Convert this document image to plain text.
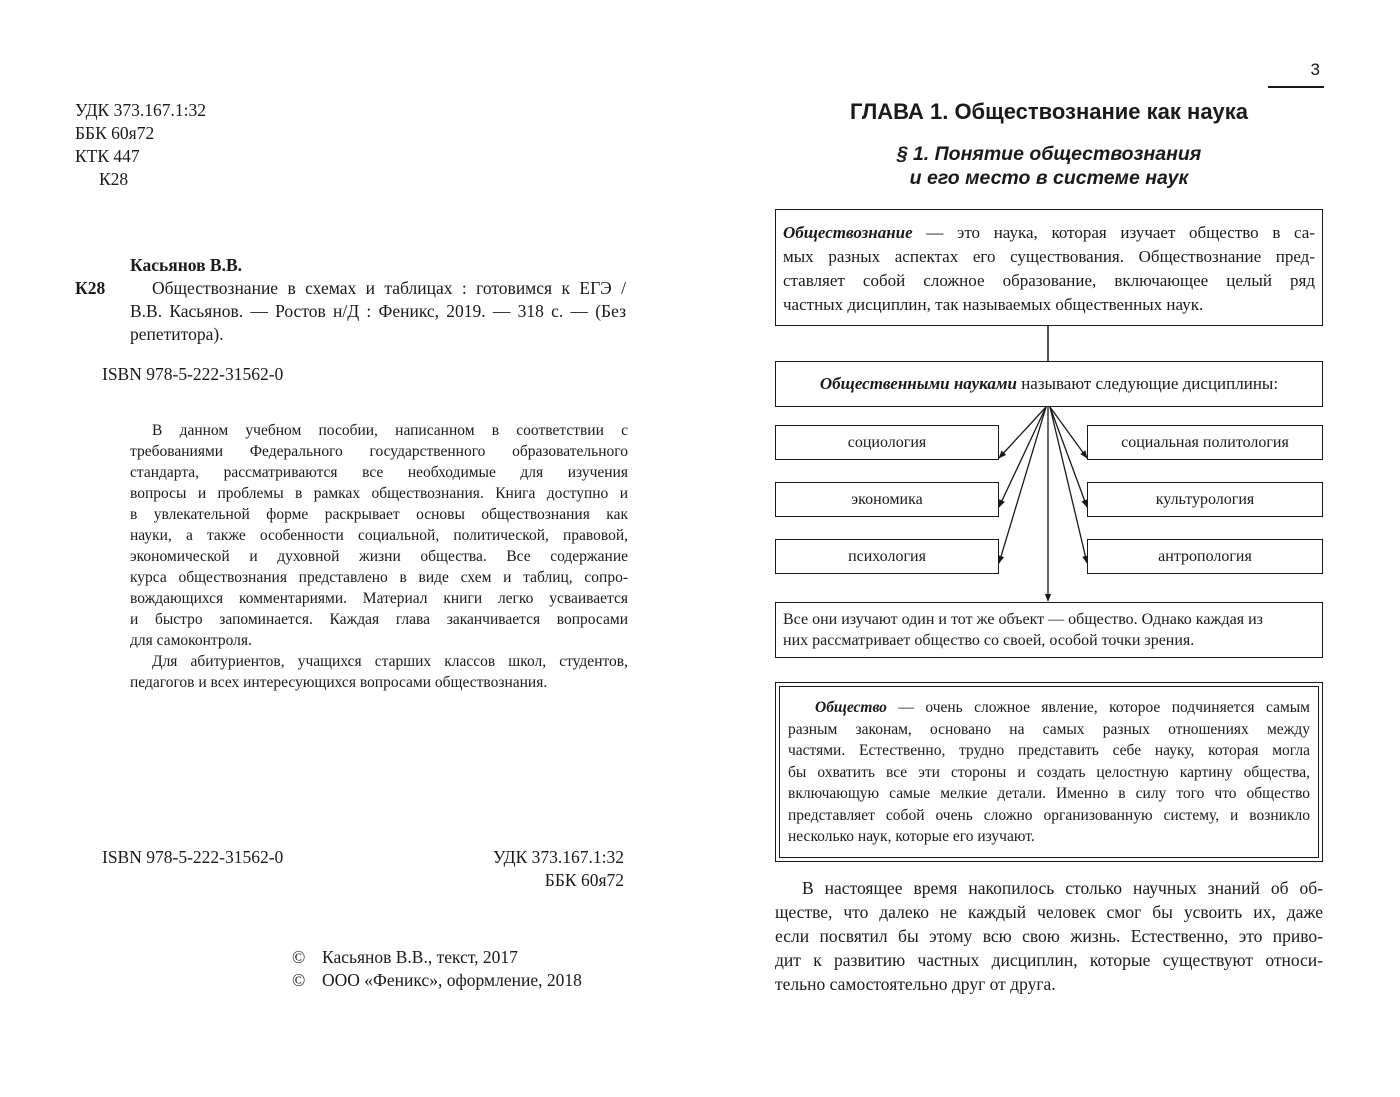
УДК 373.167.1:32
ББК 60я72
КТК 447
К28
Касьянов В.В.
К28	Обществознание в схемах и таблицах : готовимся к ЕГЭ /
В.В. Касьянов. — Ростов н/Д : Феникс, 2019. — 318 с. — (Без
репетитора).
ISBN 978-5-222-31562-0
В данном учебном пособии, написанном в соответствии с
требованиями Федерального государственного образовательного
стандарта, рассматриваются все необходимые для изучения
вопросы и проблемы в рамках обществознания. Книга доступно и
в увлекательной форме раскрывает основы обществознания как
науки, а также особенности социальной, политической, правовой,
экономической и духовной жизни общества. Все содержание
курса обществознания представлено в виде схем и таблиц, сопро-
вождающихся комментариями. Материал книги легко усваивается
и быстро запоминается. Каждая глава заканчивается вопросами
для самоконтроля.
Для абитуриентов, учащихся старших классов школ, студентов,
педагогов и всех интересующихся вопросами обществознания.
ISBN 978-5-222-31562-0	УДК 373.167.1:32
ББК 60я72
© Касьянов В.В., текст, 2017
© ООО «Феникс», оформление, 2018
3
ГЛАВА 1. Обществознание как наука
§ 1. Понятие обществознания
и его место в системе наук
Обществознание — это наука, которая изучает общество в са-
мых разных аспектах его существования. Обществознание пред-
ставляет собой сложное образование, включающее целый ряд
частных дисциплин, так называемых общественных наук.
Общественными науками называют следующие дисциплины:
социология
экономика
психология
социальная политология
культурология
антропология
Все они изучают один и тот же объект — общество. Однако каждая из
них рассматривает общество со своей, особой точки зрения.
Общество — очень сложное явление, которое подчиняется самым
разным законам, основано на самых разных отношениях между
частями. Естественно, трудно представить себе науку, которая могла
бы охватить все эти стороны и создать целостную картину общества,
включающую самые мелкие детали. Именно в силу того что общество
представляет собой очень сложно организованную систему, и возникло
несколько наук, которые его изучают.
В настоящее время накопилось столько научных знаний об об-
ществе, что далеко не каждый человек смог бы усвоить их, даже
если посвятил бы этому всю свою жизнь. Естественно, это приво-
дит к развитию частных дисциплин, которые существуют относи-
тельно самостоятельно друг от друга.
